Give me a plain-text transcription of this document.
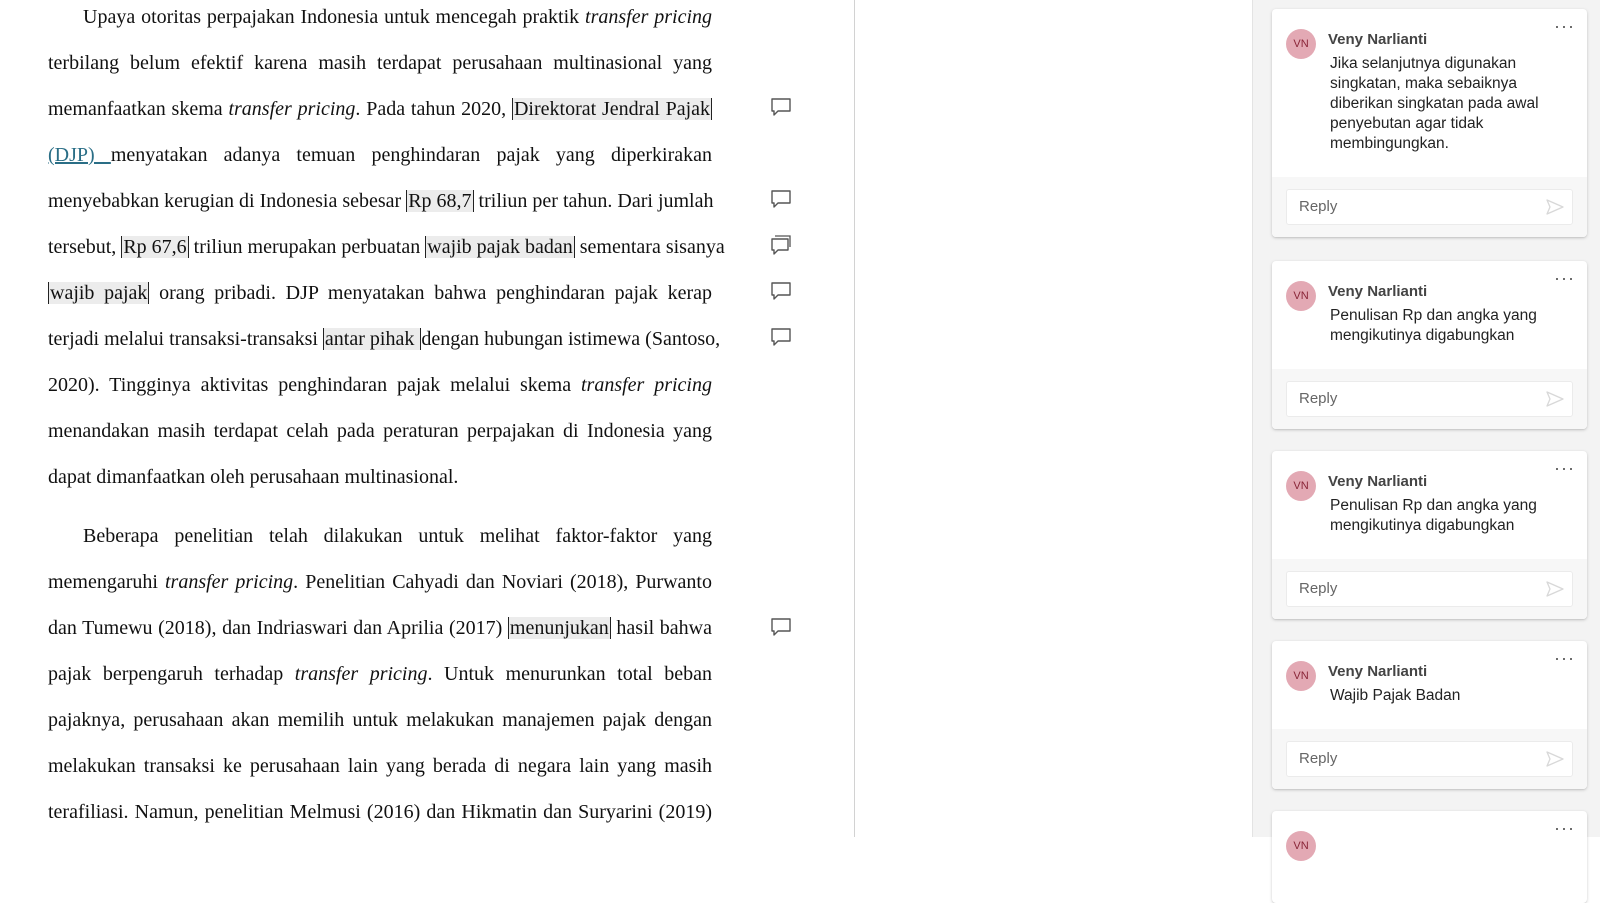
Upaya otoritas perpajakan Indonesia untuk mencegah praktik transfer pricing
terbilang belum efektif karena masih terdapat perusahaan multinasional yang
memanfaatkan skema transfer pricing. Pada tahun 2020, Direktorat Jendral Pajak
(DJP) menyatakan adanya temuan penghindaran pajak yang diperkirakan
menyebabkan kerugian di Indonesia sebesar Rp 68,7 triliun per tahun. Dari jumlah
tersebut, Rp 67,6 triliun merupakan perbuatan wajib pajak badan sementara sisanya
wajib pajak orang pribadi. DJP menyatakan bahwa penghindaran pajak kerap
terjadi melalui transaksi-transaksi antar pihak dengan hubungan istimewa (Santoso,
2020). Tingginya aktivitas penghindaran pajak melalui skema transfer pricing
menandakan masih terdapat celah pada peraturan perpajakan di Indonesia yang
dapat dimanfaatkan oleh perusahaan multinasional.
Beberapa penelitian telah dilakukan untuk melihat faktor-faktor yang
memengaruhi transfer pricing. Penelitian Cahyadi dan Noviari (2018), Purwanto
dan Tumewu (2018), dan Indriaswari dan Aprilia (2017) menunjukan hasil bahwa
pajak berpengaruh terhadap transfer pricing. Untuk menurunkan total beban
pajaknya, perusahaan akan memilih untuk melakukan manajemen pajak dengan
melakukan transaksi ke perusahaan lain yang berada di negara lain yang masih
terafiliasi. Namun, penelitian Melmusi (2016) dan Hikmatin dan Suryarini (2019)
VN
···
Veny Narlianti
Jika selanjutnya digunakan singkatan, maka sebaiknya diberikan singkatan pada awal penyebutan agar tidak membingungkan.
Reply
VN
···
Veny Narlianti
Penulisan Rp dan angka yang mengikutinya digabungkan
Reply
VN
···
Veny Narlianti
Penulisan Rp dan angka yang mengikutinya digabungkan
Reply
VN
···
Veny Narlianti
Wajib Pajak Badan
Reply
VN
···
